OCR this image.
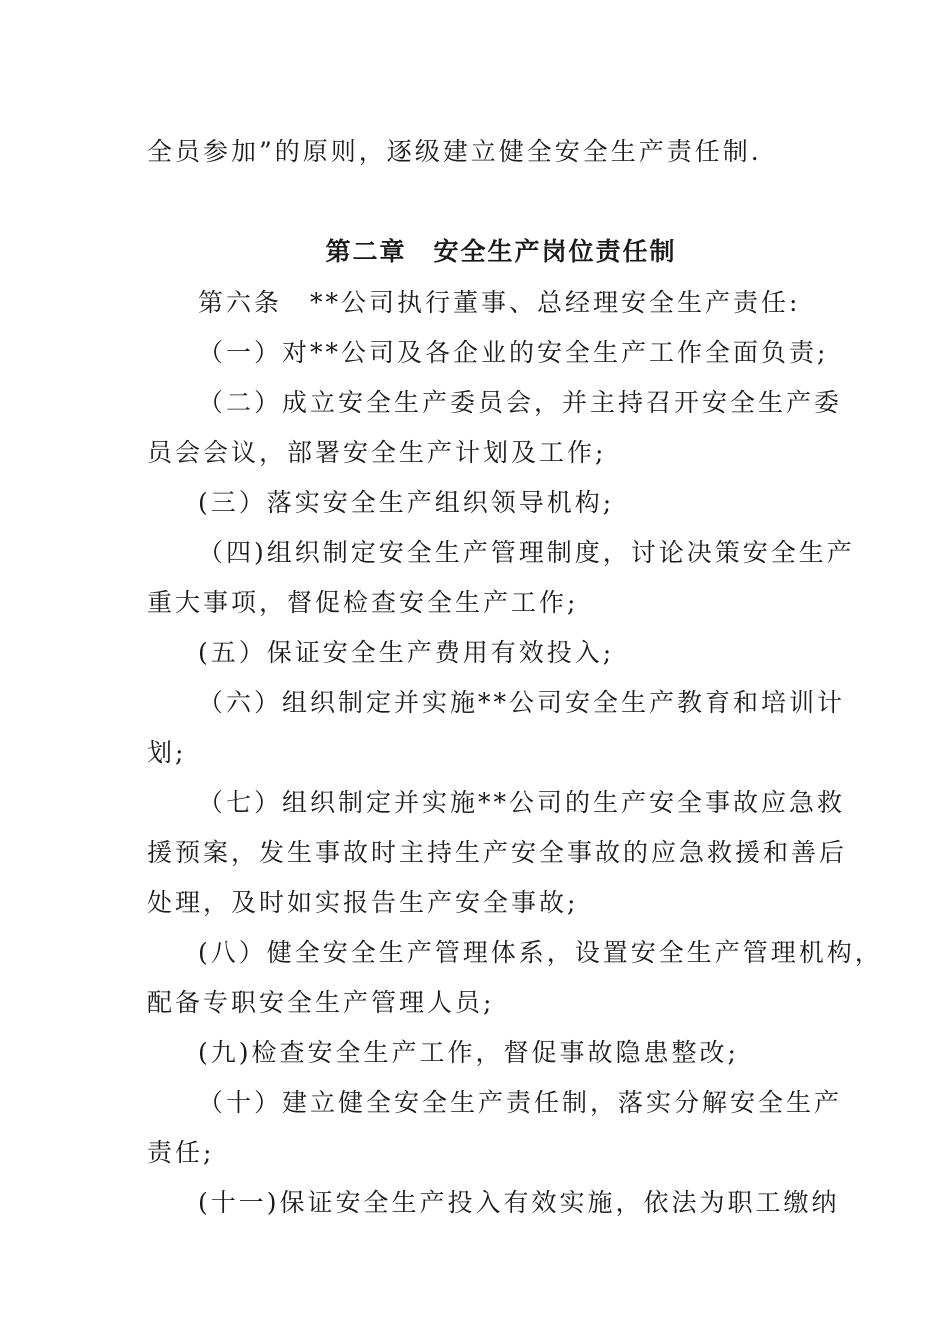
全员参加”的原则，逐级建立健全安全生产责任制.
第二章　安全生产岗位责任制
第六条　**公司执行董事、总经理安全生产责任:
（一）对**公司及各企业的安全生产工作全面负责;
（二）成立安全生产委员会，并主持召开安全生产委
员会会议，部署安全生产计划及工作;
(三）落实安全生产组织领导机构;
（四)组织制定安全生产管理制度，讨论决策安全生产
重大事项，督促检查安全生产工作;
(五）保证安全生产费用有效投入;
（六）组织制定并实施**公司安全生产教育和培训计
划;
（七）组织制定并实施**公司的生产安全事故应急救
援预案，发生事故时主持生产安全事故的应急救援和善后
处理，及时如实报告生产安全事故;
(八）健全安全生产管理体系，设置安全生产管理机构，
配备专职安全生产管理人员;
(九)检查安全生产工作，督促事故隐患整改;
（十）建立健全安全生产责任制，落实分解安全生产
责任;
(十一)保证安全生产投入有效实施，依法为职工缴纳
